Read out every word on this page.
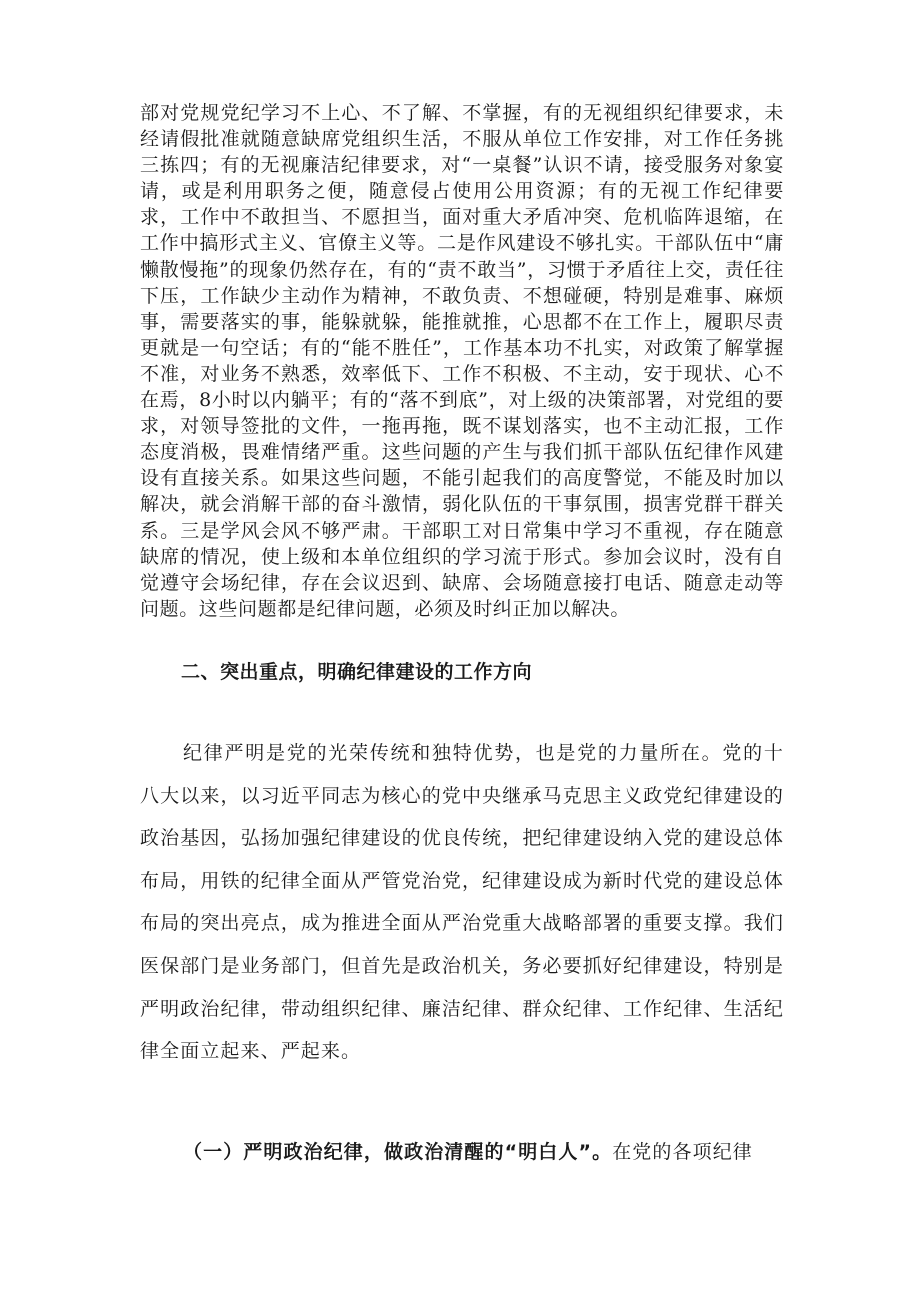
部对党规党纪学习不上心、不了解、不掌握，有的无视组织纪律要求，未经请假批准就随意缺席党组织生活，不服从单位工作安排，对工作任务挑三拣四；有的无视廉洁纪律要求，对“一桌餐”认识不请，接受服务对象宴请，或是利用职务之便，随意侵占使用公用资源；有的无视工作纪律要求，工作中不敢担当、不愿担当，面对重大矛盾冲突、危机临阵退缩，在工作中搞形式主义、官僚主义等。二是作风建设不够扎实。干部队伍中“庸懒散慢拖”的现象仍然存在，有的“责不敢当”，习惯于矛盾往上交，责任往下压，工作缺少主动作为精神，不敢负责、不想碰硬，特别是难事、麻烦事，需要落实的事，能躲就躲，能推就推，心思都不在工作上，履职尽责更就是一句空话；有的“能不胜任”，工作基本功不扎实，对政策了解掌握不准，对业务不熟悉，效率低下、工作不积极、不主动，安于现状、心不在焉，8小时以内躺平；有的“落不到底”，对上级的决策部署，对党组的要求，对领导签批的文件，一拖再拖，既不谋划落实，也不主动汇报，工作态度消极，畏难情绪严重。这些问题的产生与我们抓干部队伍纪律作风建设有直接关系。如果这些问题，不能引起我们的高度警觉，不能及时加以解决，就会消解干部的奋斗激情，弱化队伍的干事氛围，损害党群干群关系。三是学风会风不够严肃。干部职工对日常集中学习不重视，存在随意缺席的情况，使上级和本单位组织的学习流于形式。参加会议时，没有自觉遵守会场纪律，存在会议迟到、缺席、会场随意接打电话、随意走动等问题。这些问题都是纪律问题，必须及时纠正加以解决。

二、突出重点，明确纪律建设的工作方向

纪律严明是党的光荣传统和独特优势，也是党的力量所在。党的十八大以来，以习近平同志为核心的党中央继承马克思主义政党纪律建设的政治基因，弘扬加强纪律建设的优良传统，把纪律建设纳入党的建设总体布局，用铁的纪律全面从严管党治党，纪律建设成为新时代党的建设总体布局的突出亮点，成为推进全面从严治党重大战略部署的重要支撑。我们医保部门是业务部门，但首先是政治机关，务必要抓好纪律建设，特别是严明政治纪律，带动组织纪律、廉洁纪律、群众纪律、工作纪律、生活纪律全面立起来、严起来。

（一）严明政治纪律，做政治清醒的“明白人”。在党的各项纪律
